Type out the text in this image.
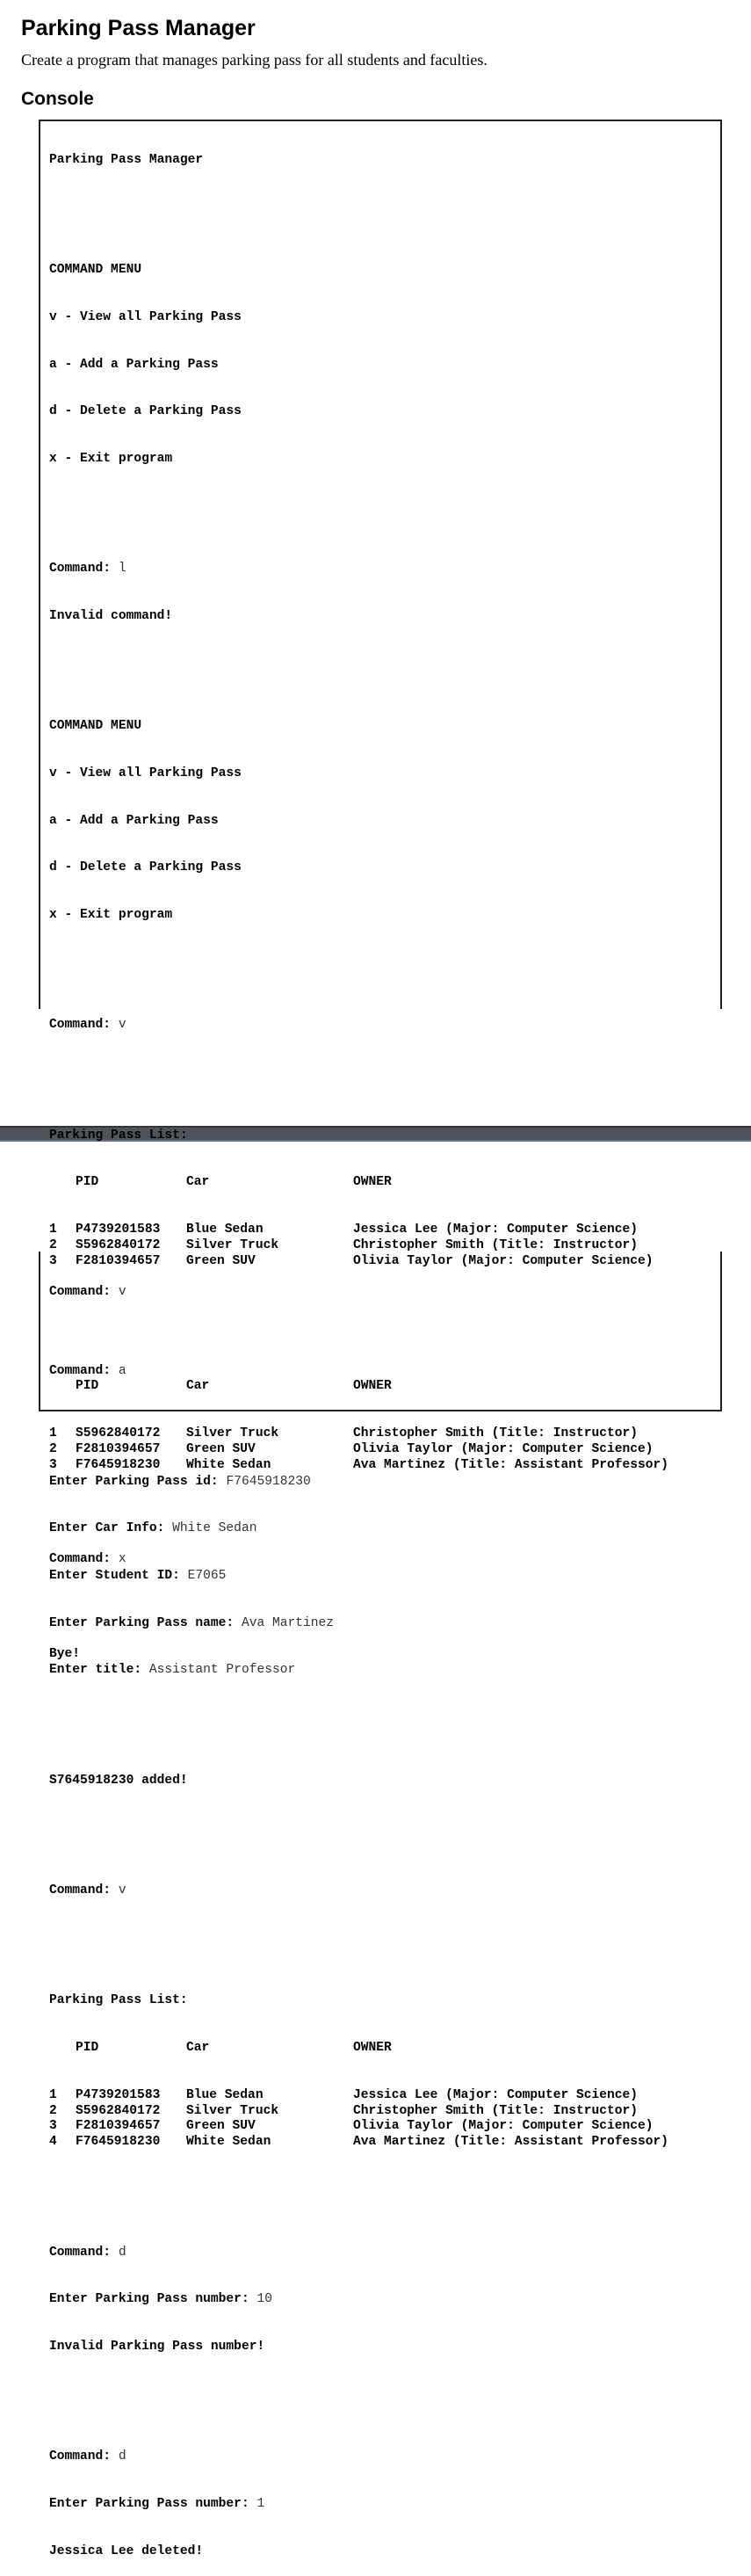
Parking Pass Manager
Create a program that manages parking pass for all students and faculties.
Console

Parking Pass Manager

COMMAND MENU

v - View all Parking Pass

a - Add a Parking Pass

d - Delete a Parking Pass

x - Exit program

Command: l

Invalid command!

COMMAND MENU

v - View all Parking Pass

a - Add a Parking Pass

d - Delete a Parking Pass

x - Exit program

Command: v

Parking Pass List:

PID	Car	OWNER

1	P4739201583	Blue Sedan	Jessica Lee (Major: Computer Science)
2	S5962840172	Silver Truck	Christopher Smith (Title: Instructor)
3	F2810394657	Green SUV	Olivia Taylor (Major: Computer Science)

Command: a

Enter Parking Pass id: F7645918230

Enter Car Info: White Sedan

Enter Student ID: E7065

Enter Parking Pass name: Ava Martinez

Enter title: Assistant Professor

S7645918230 added!

Command: v

Parking Pass List:

PID	Car	OWNER

1	P4739201583	Blue Sedan	Jessica Lee (Major: Computer Science)
2	S5962840172	Silver Truck	Christopher Smith (Title: Instructor)
3	F2810394657	Green SUV	Olivia Taylor (Major: Computer Science)
4	F7645918230	White Sedan	Ava Martinez (Title: Assistant Professor)

Command: d

Enter Parking Pass number: 10

Invalid Parking Pass number!

Command: d

Enter Parking Pass number: 1

Jessica Lee deleted!

Command: v

PID	Car	OWNER

1	S5962840172	Silver Truck	Christopher Smith (Title: Instructor)
2	F2810394657	Green SUV	Olivia Taylor (Major: Computer Science)
3	F7645918230	White Sedan	Ava Martinez (Title: Assistant Professor)

Command: x

Bye!
